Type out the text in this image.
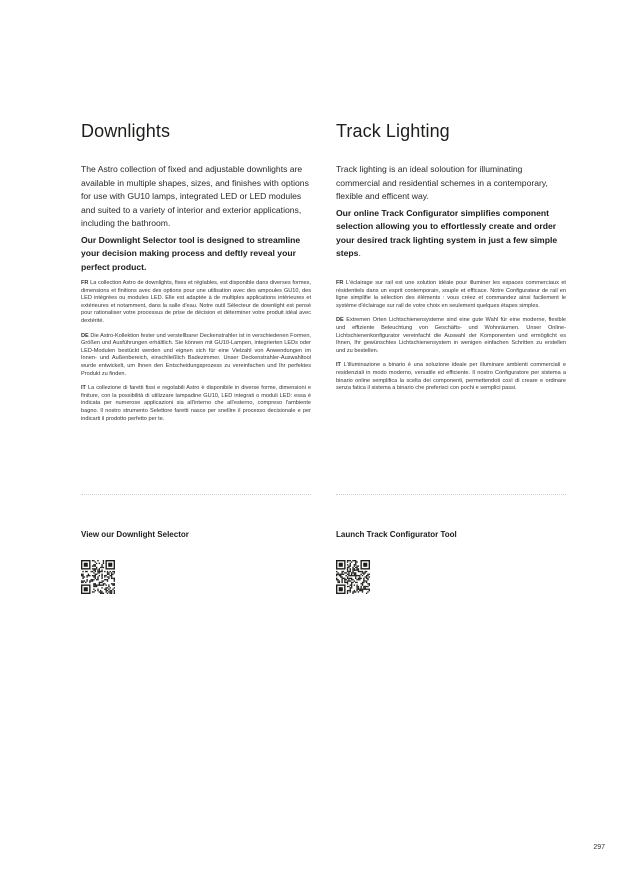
Downlights

The Astro collection of fixed and adjustable downlights are available in multiple shapes, sizes, and finishes with options for use with GU10 lamps, integrated LED or LED modules and suited to a variety of interior and exterior applications, including the bathroom.
Our Downlight Selector tool is designed to streamline your decision making process and deftly reveal your perfect product.

FR La collection Astro de downlights, fixes et réglables, est disponible dans diverses formes, dimensions et finitions avec des options pour une utilisation avec des ampoules GU10, des LED intégrées ou modules LED. Elle est adaptée à de multiples applications intérieures et extérieures et notamment, dans la salle d'eau. Notre outil Sélecteur de downlight est pensé pour rationaliser votre processus de prise de décision et déterminer votre produit idéal avec dextérité.

DE Die Astro-Kollektion fester und verstellbarer Deckenstrahler ist in verschiedenen Formen, Größen und Ausführungen erhältlich. Sie können mit GU10-Lampen, integrierten LEDs oder LED-Modulen bestückt werden und eignen sich für eine Vielzahl von Anwendungen im Innen- und Außenbereich, einschließlich Badezimmer. Unser Deckenstrahler-Auswahltool wurde entwickelt, um Ihnen den Entscheidungsprozess zu vereinfachen und Ihr perfektes Produkt zu finden.

IT La collezione di faretti fissi e regolabili Astro è disponibile in diverse forme, dimensioni e finiture, con la possibilità di utilizzare lampadine GU10, LED integrati o moduli LED: essa è indicata per numerose applicazioni sia all'interno che all'esterno, compreso l'ambiente bagno. Il nostro strumento Selettore faretti nasce per snellire il processo decisionale e per indicarti il prodotto perfetto per te.

View our Downlight Selector

Track Lighting

Track lighting is an ideal soloution for illuminating commercial and residential schemes in a contemporary, flexible and efficent way.
Our online Track Configurator simplifies component selection allowing you to effortlessly create and order your desired track lighting system in just a few simple steps.

FR L'éclairage sur rail est une solution idéale pour illuminer les espaces commerciaux et résidentiels dans un esprit contemporain, souple et efficace. Notre Configurateur de rail en ligne simplifie la sélection des éléments : vous créez et commandez ainsi facilement le système d'éclairage sur rail de votre choix en seulement quelques étapes simples.

DE Extremen Orten Lichtschienensysteme sind eine gute Wahl für eine moderne, flexible und effiziente Beleuchtung von Geschäfts- und Wohnräumen. Unser Online-Lichtschienenkonfigurator vereinfacht die Auswahl der Komponenten und ermöglicht es Ihnen, Ihr gewünschtes Lichtschienensystem in wenigen einfachen Schritten zu erstellen und zu bestellen.

IT L'illuminazione a binario è una soluzione ideale per illuminare ambienti commerciali e residenziali in modo moderno, versatile ed efficiente. Il nostro Configuratore per sistema a binario online semplifica la scelta dei componenti, permettendoti così di creare e ordinare senza fatica il sistema a binario che preferisci con pochi e semplici passi.

Launch Track Configurator Tool

297
